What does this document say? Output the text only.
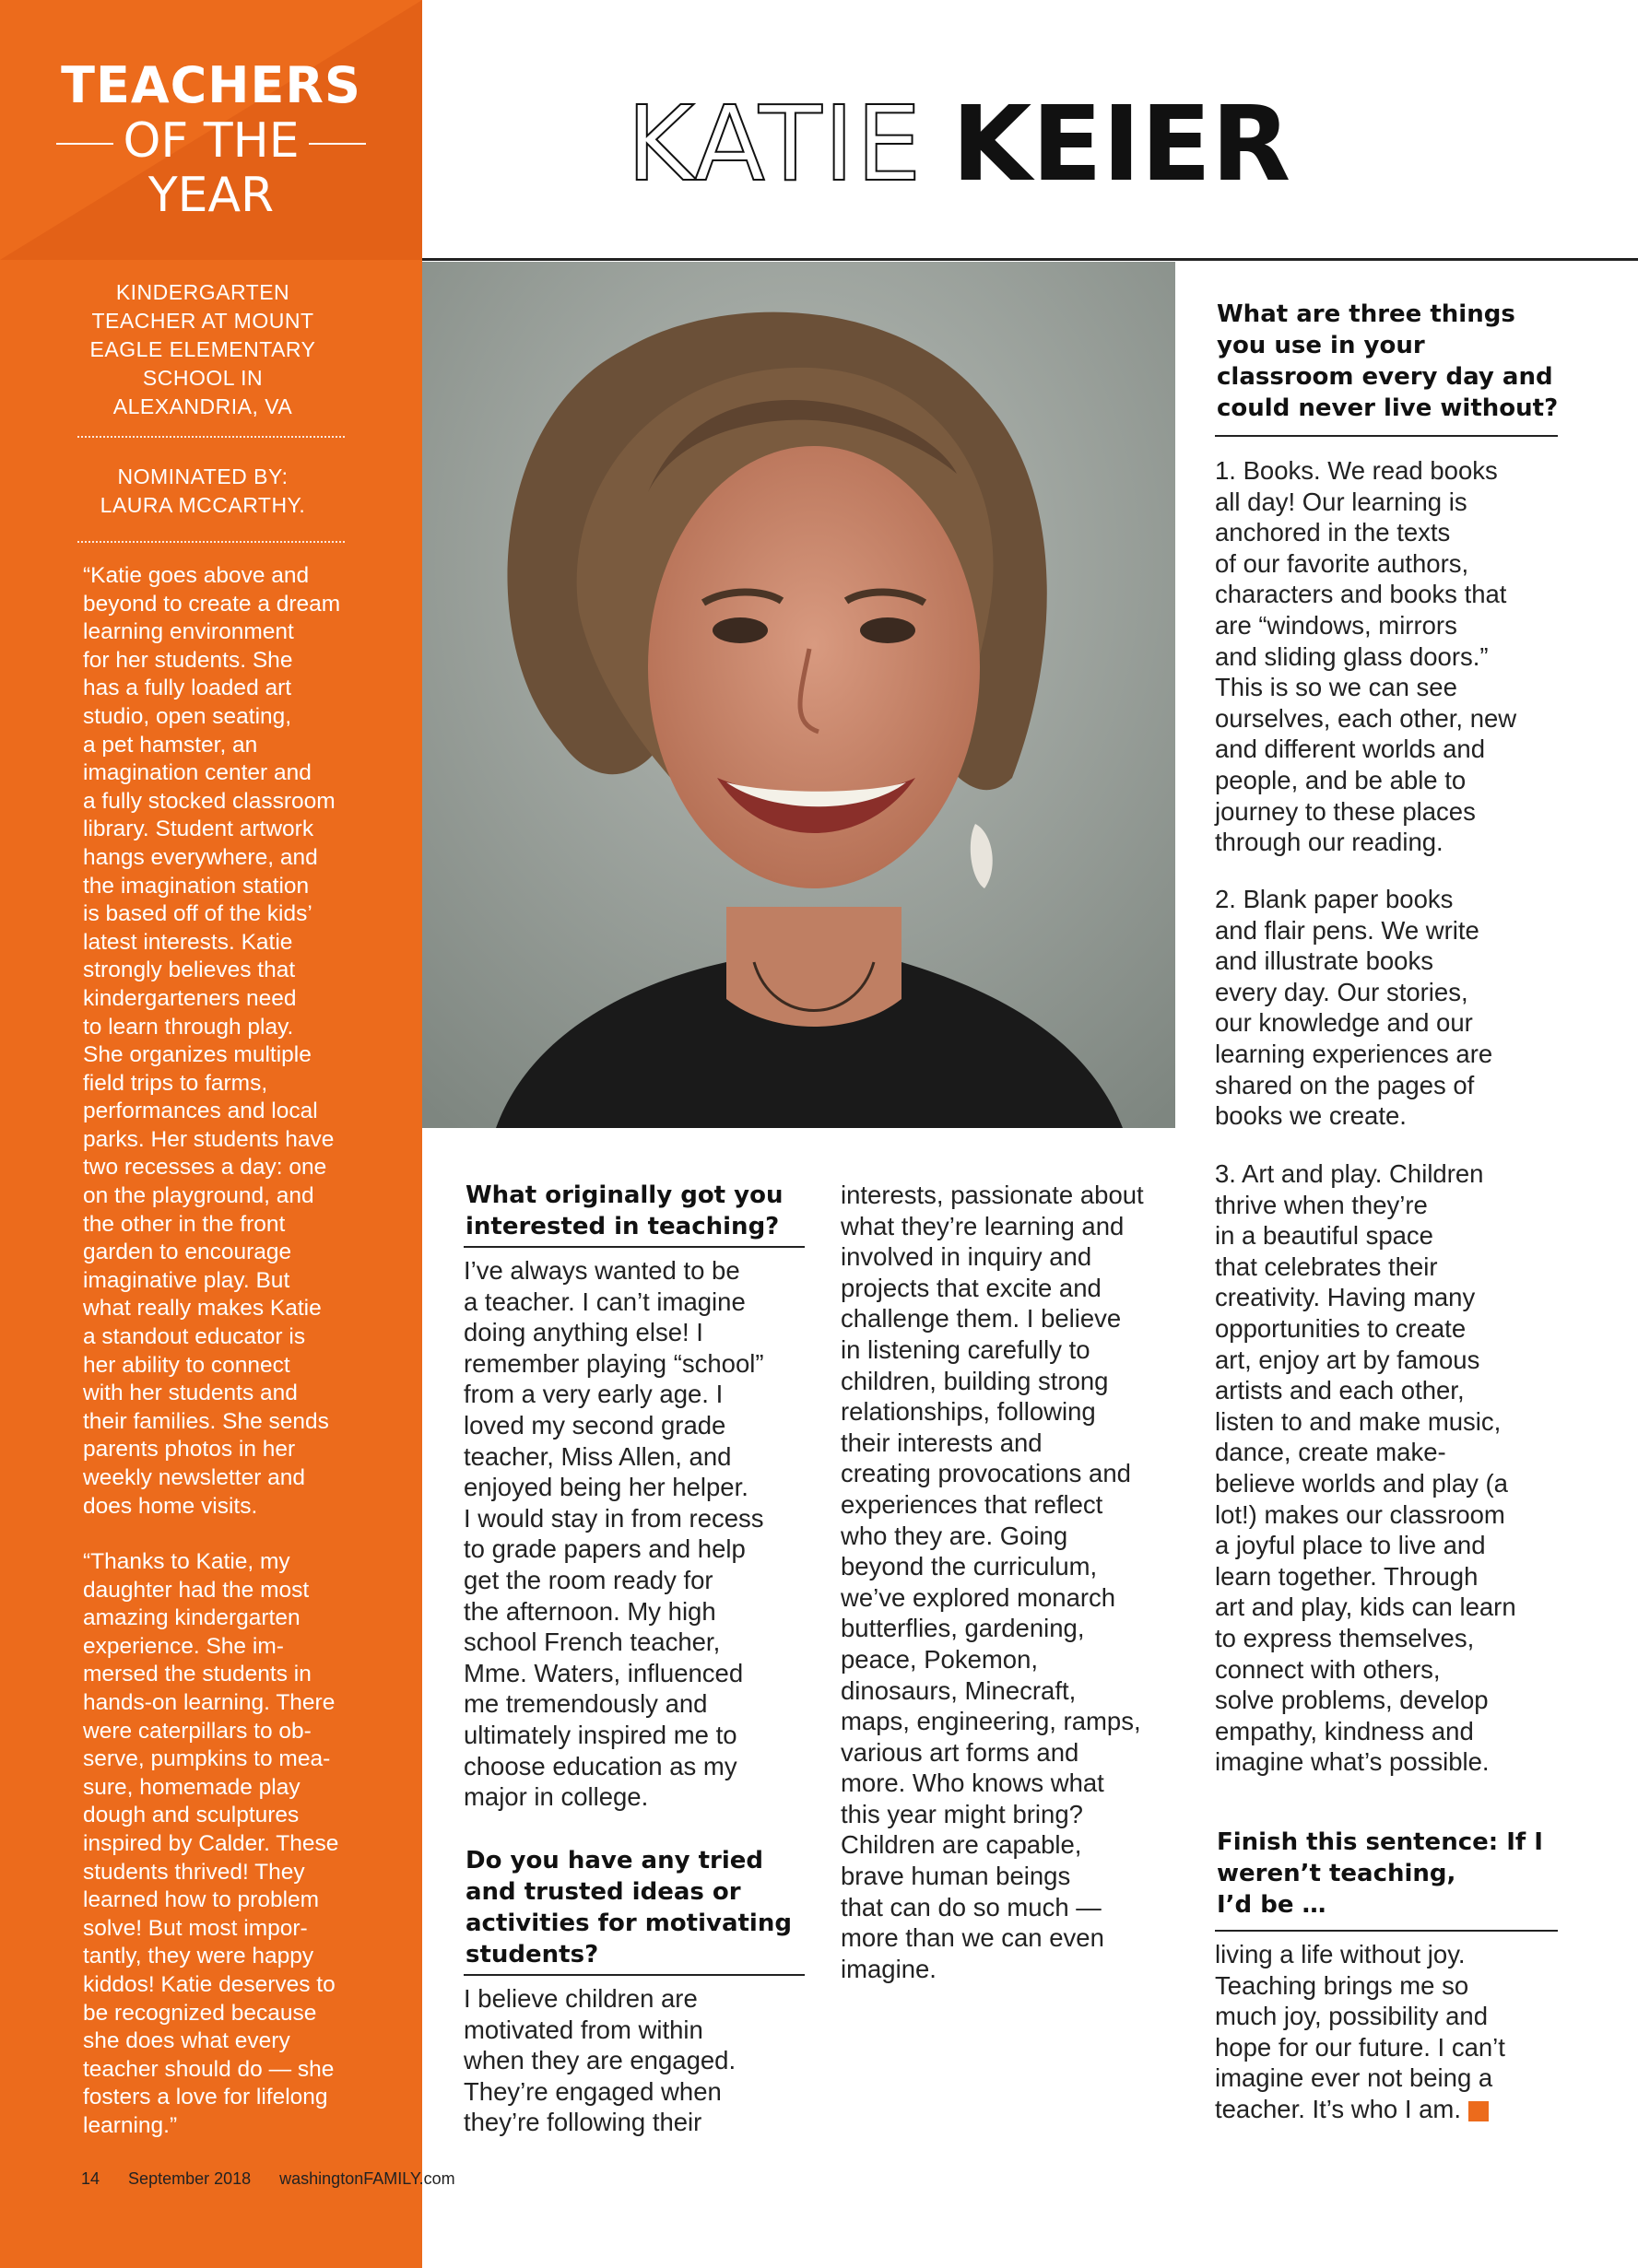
TEACHERS
OF THE
YEAR
KINDERGARTEN
TEACHER AT MOUNT
EAGLE ELEMENTARY
SCHOOL IN
ALEXANDRIA, VA
NOMINATED BY:
LAURA MCCARTHY.
“Katie goes above and
beyond to create a dream
learning environment
for her students. She
has a fully loaded art
studio, open seating,
a pet hamster, an
imagination center and
a fully stocked classroom
library. Student artwork
hangs everywhere, and
the imagination station
is based off of the kids’
latest interests. Katie
strongly believes that
kindergarteners need
to learn through play.
She organizes multiple
field trips to farms,
performances and local
parks. Her students have
two recesses a day: one
on the playground, and
the other in the front
garden to encourage
imaginative play. But
what really makes Katie
a standout educator is
her ability to connect
with her students and
their families. She sends
parents photos in her
weekly newsletter and
does home visits.
“Thanks to Katie, my
daughter had the most
amazing kindergarten
experience. She im-
mersed the students in
hands-on learning. There
were caterpillars to ob-
serve, pumpkins to mea-
sure, homemade play
dough and sculptures
inspired by Calder. These
students thrived! They
learned how to problem
solve! But most impor-
tantly, they were happy
kiddos! Katie deserves to
be recognized because
she does what every
teacher should do — she
fosters a love for lifelong
learning.”
KATIE KEIER
What originally got you
interested in teaching?
I’ve always wanted to be
a teacher. I can’t imagine
doing anything else! I
remember playing “school”
from a very early age. I
loved my second grade
teacher, Miss Allen, and
enjoyed being her helper.
I would stay in from recess
to grade papers and help
get the room ready for
the afternoon. My high
school French teacher,
Mme. Waters, influenced
me tremendously and
ultimately inspired me to
choose education as my
major in college.
Do you have any tried
and trusted ideas or
activities for motivating
students?
I believe children are
motivated from within
when they are engaged.
They’re engaged when
they’re following their
interests, passionate about
what they’re learning and
involved in inquiry and
projects that excite and
challenge them. I believe
in listening carefully to
children, building strong
relationships, following
their interests and
creating provocations and
experiences that reflect
who they are. Going
beyond the curriculum,
we’ve explored monarch
butterflies, gardening,
peace, Pokemon,
dinosaurs, Minecraft,
maps, engineering, ramps,
various art forms and
more. Who knows what
this year might bring?
Children are capable,
brave human beings
that can do so much —
more than we can even
imagine.
What are three things
you use in your
classroom every day and
could never live without?
1. Books. We read books
all day! Our learning is
anchored in the texts
of our favorite authors,
characters and books that
are “windows, mirrors
and sliding glass doors.”
This is so we can see
ourselves, each other, new
and different worlds and
people, and be able to
journey to these places
through our reading.
2. Blank paper books
and flair pens. We write
and illustrate books
every day. Our stories,
our knowledge and our
learning experiences are
shared on the pages of
books we create.
3. Art and play. Children
thrive when they’re
in a beautiful space
that celebrates their
creativity. Having many
opportunities to create
art, enjoy art by famous
artists and each other,
listen to and make music,
dance, create make-
believe worlds and play (a
lot!) makes our classroom
a joyful place to live and
learn together. Through
art and play, kids can learn
to express themselves,
connect with others,
solve problems, develop
empathy, kindness and
imagine what’s possible.
Finish this sentence: If I
weren’t teaching,
I’d be …
living a life without joy.
Teaching brings me so
much joy, possibility and
hope for our future. I can’t
imagine ever not being a
teacher. It’s who I am.
14 September 2018 washingtonFAMILY.com
